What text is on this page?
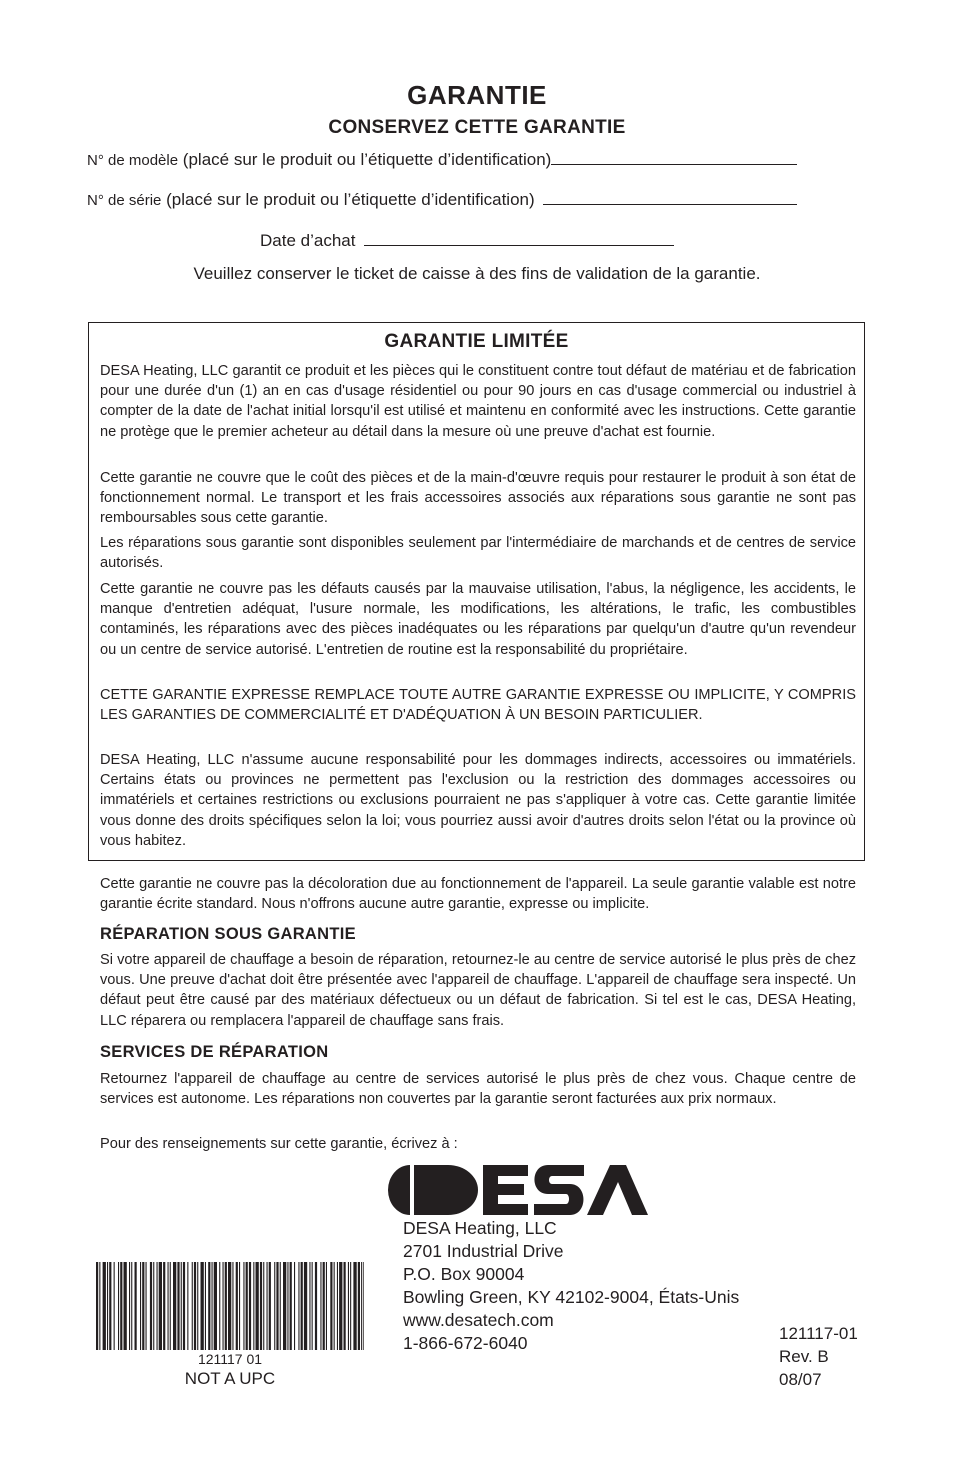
GARANTIE
CONSERVEZ CETTE GARANTIE
N° de modèle (placé sur le produit ou l’étiquette d’identification)
N° de série (placé sur le produit ou l’étiquette d’identification)
Date d’achat
Veuillez conserver le ticket de caisse à des fins de validation de la garantie.
GARANTIE LIMITÉE

DESA Heating, LLC garantit ce produit et les pièces qui le constituent contre tout défaut de matériau et de fabrication pour une durée d'un (1) an en cas d'usage résidentiel ou pour 90 jours en cas d'usage commercial ou industriel à compter de la date de l'achat initial lorsqu'il est utilisé et maintenu en conformité avec les instructions. Cette garantie ne protège que le premier acheteur au détail dans la mesure où une preuve d'achat est fournie.

Cette garantie ne couvre que le coût des pièces et de la main-d'œuvre requis pour restaurer le produit à son état de fonctionnement normal. Le transport et les frais accessoires associés aux réparations sous garantie ne sont pas remboursables sous cette garantie.

Les réparations sous garantie sont disponibles seulement par l'intermédiaire de marchands et de centres de service autorisés.

Cette garantie ne couvre pas les défauts causés par la mauvaise utilisation, l'abus, la négligence, les accidents, le manque d'entretien adéquat, l'usure normale, les modifications, les altérations, le trafic, les combustibles contaminés, les réparations avec des pièces inadéquates ou les réparations par quelqu'un d'autre qu'un revendeur ou un centre de service autorisé. L'entretien de routine est la responsabilité du propriétaire.

CETTE GARANTIE EXPRESSE REMPLACE TOUTE AUTRE GARANTIE EXPRESSE OU IMPLICITE, Y COMPRIS LES GARANTIES DE COMMERCIALITÉ ET D'ADÉQUATION À UN BESOIN PARTICULIER.

DESA Heating, LLC n'assume aucune responsabilité pour les dommages indirects, accessoires ou immatériels. Certains états ou provinces ne permettent pas l'exclusion ou la restriction des dommages accessoires ou immatériels et certaines restrictions ou exclusions pourraient ne pas s'appliquer à votre cas. Cette garantie limitée vous donne des droits spécifiques selon la loi; vous pourriez aussi avoir d'autres droits selon l'état ou la province où vous habitez.

Cette garantie ne couvre pas la décoloration due au fonctionnement de l'appareil. La seule garantie valable est notre garantie écrite standard. Nous n'offrons aucune autre garantie, expresse ou implicite.

RÉPARATION SOUS GARANTIE

Si votre appareil de chauffage a besoin de réparation, retournez-le au centre de service autorisé le plus près de chez vous. Une preuve d'achat doit être présentée avec l'appareil de chauffage. L'appareil de chauffage sera inspecté. Un défaut peut être causé par des matériaux défectueux ou un défaut de fabrication. Si tel est le cas, DESA Heating, LLC réparera ou remplacera l'appareil de chauffage sans frais.

SERVICES DE RÉPARATION

Retournez l'appareil de chauffage au centre de services autorisé le plus près de chez vous. Chaque centre de services est autonome. Les réparations non couvertes par la garantie seront facturées aux prix normaux.

Pour des renseignements sur cette garantie, écrivez à :

DESA Heating, LLC
2701 Industrial Drive
P.O. Box 90004
Bowling Green, KY 42102-9004, États-Unis
www.desatech.com
1-866-672-6040	121117-01
Rev. B
08/07
121117 01
NOT A UPC
